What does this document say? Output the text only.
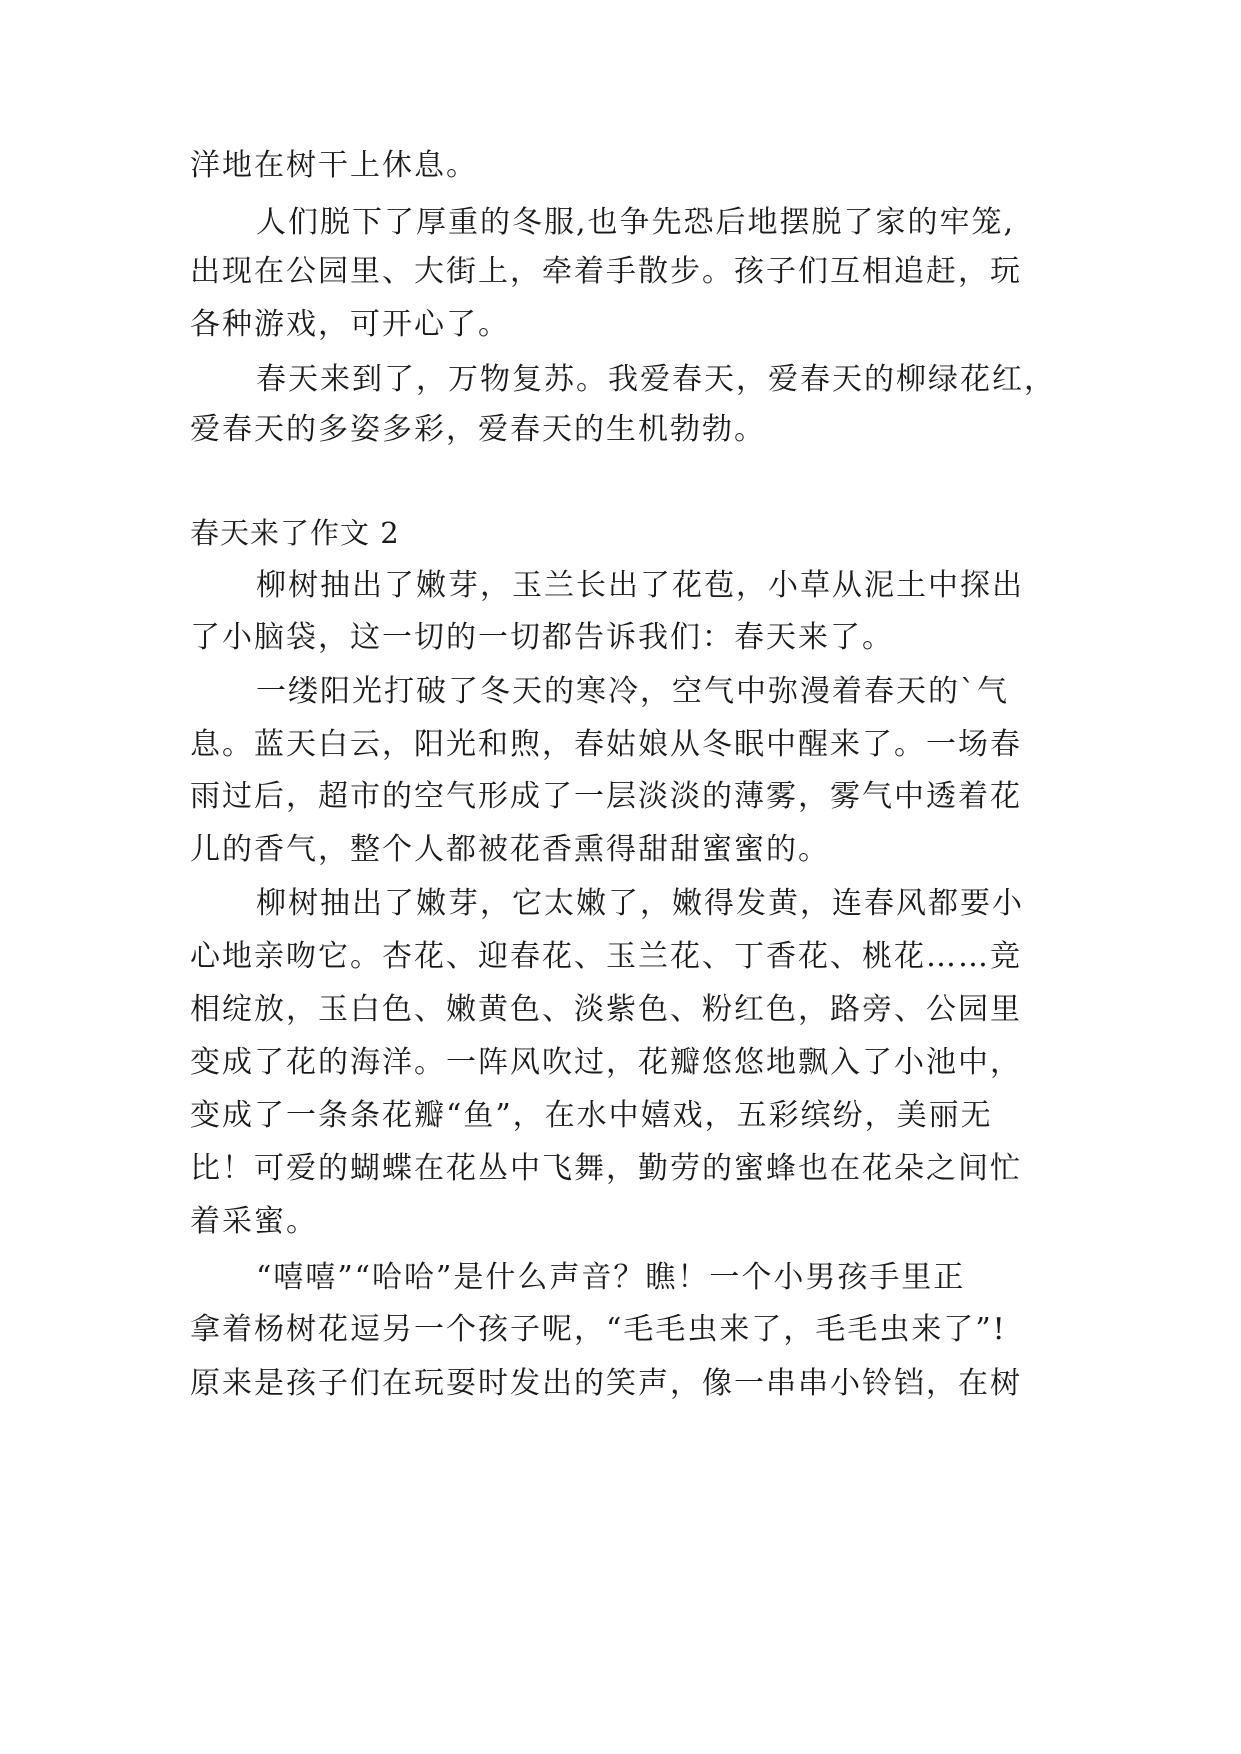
洋地在树干上休息。
人们脱下了厚重的冬服,也争先恐后地摆脱了家的牢笼,
出现在公园里、大街上，牵着手散步。孩子们互相追赶，玩
各种游戏，可开心了。
春天来到了，万物复苏。我爱春天，爱春天的柳绿花红，
爱春天的多姿多彩，爱春天的生机勃勃。
春天来了作文 2
柳树抽出了嫩芽，玉兰长出了花苞，小草从泥土中探出
了小脑袋，这一切的一切都告诉我们：春天来了。
一缕阳光打破了冬天的寒冷，空气中弥漫着春天的`气
息。蓝天白云，阳光和煦，春姑娘从冬眠中醒来了。一场春
雨过后，超市的空气形成了一层淡淡的薄雾，雾气中透着花
儿的香气，整个人都被花香熏得甜甜蜜蜜的。
柳树抽出了嫩芽，它太嫩了，嫩得发黄，连春风都要小
心地亲吻它。杏花、迎春花、玉兰花、丁香花、桃花……竞
相绽放，玉白色、嫩黄色、淡紫色、粉红色，路旁、公园里
变成了花的海洋。一阵风吹过，花瓣悠悠地飘入了小池中，
变成了一条条花瓣“鱼”，在水中嬉戏，五彩缤纷，美丽无
比！可爱的蝴蝶在花丛中飞舞，勤劳的蜜蜂也在花朵之间忙
着采蜜。
“嘻嘻”“哈哈”是什么声音？瞧！一个小男孩手里正
拿着杨树花逗另一个孩子呢，“毛毛虫来了，毛毛虫来了”!
原来是孩子们在玩耍时发出的笑声，像一串串小铃铛，在树
